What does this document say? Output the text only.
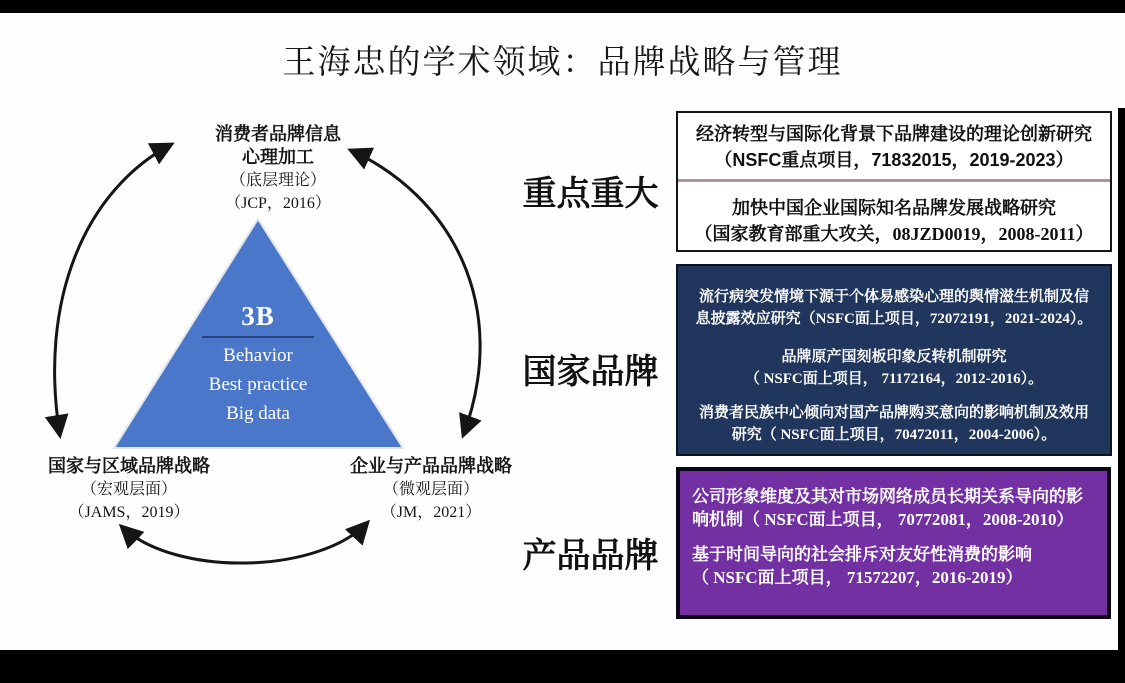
王海忠的学术领域：品牌战略与管理
3B
Behavior
Best practice
Big data
消费者品牌信息
心理加工
（底层理论）
（JCP，2016）
国家与区域品牌战略
（宏观层面）
（JAMS，2019）
企业与产品品牌战略
（微观层面）
（JM，2021）
重点重大
国家品牌
产品品牌
经济转型与国际化背景下品牌建设的理论创新研究
（NSFC重点项目，71832015，2019-2023）
加快中国企业国际知名品牌发展战略研究
（国家教育部重大攻关，08JZD0019，2008-2011）
流行病突发情境下源于个体易感染心理的舆情滋生机制及信
息披露效应研究（NSFC面上项目，72072191，2021-2024）。
品牌原产国刻板印象反转机制研究
（ NSFC面上项目， 71172164，2012-2016）。
消费者民族中心倾向对国产品牌购买意向的影响机制及效用
研究（ NSFC面上项目，70472011，2004-2006）。
公司形象维度及其对市场网络成员长期关系导向的影
响机制（ NSFC面上项目， 70772081，2008-2010）
基于时间导向的社会排斥对友好性消费的影响
（ NSFC面上项目， 71572207，2016-2019）
